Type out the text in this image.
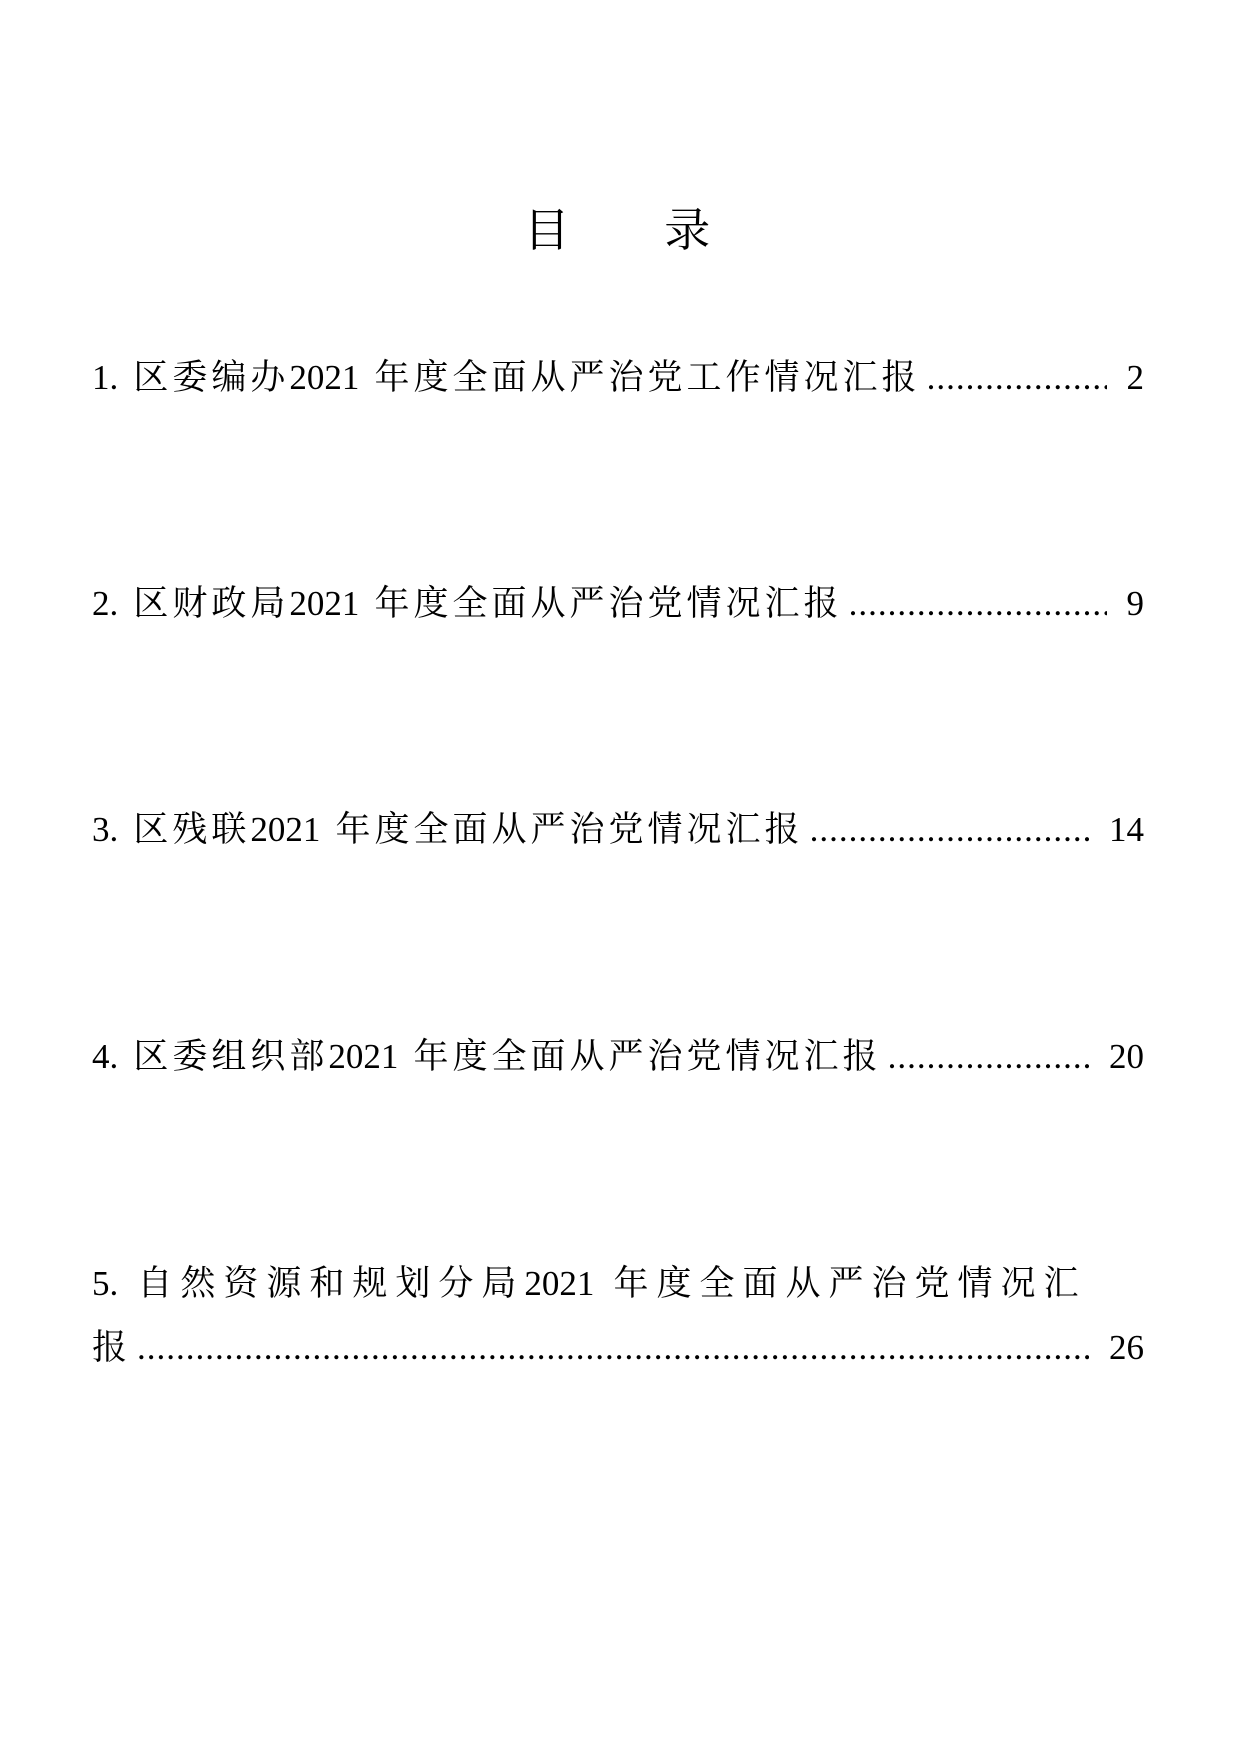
目 录
1. 区委编办2021 年度全面从严治党工作情况汇报 .....	2
2. 区财政局2021 年度全面从严治党情况汇报 .....	9
3. 区残联2021 年度全面从严治党情况汇报 .....	14
4. 区委组织部2021 年度全面从严治党情况汇报 .....	20
5. 自然资源和规划分局2021 年度全面从严治党情况汇
报 .....	26
